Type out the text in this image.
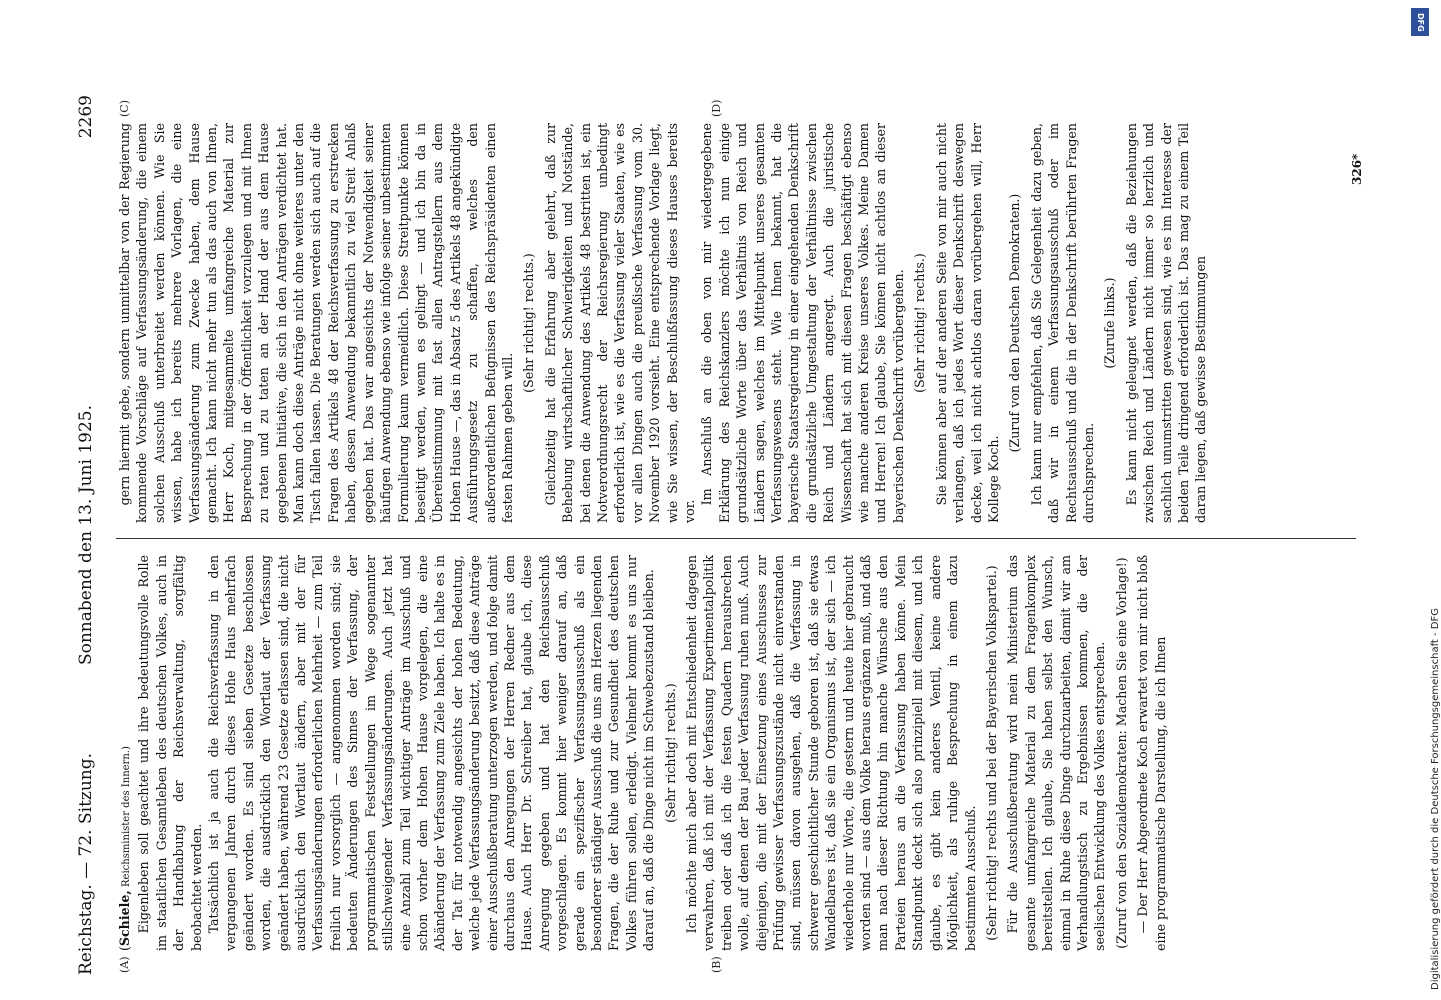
Reichstag. — 72. Sitzung.
Sonnabend den 13. Juni 1925.
2269
(A)	(B)
(C)	(D)

(Schiele, Reichsminister des Innern.) Eigenleben soll geachtet und ihre bedeutungsvolle Rolle im staatlichen Gesamtleben des deutschen Volkes, auch in der Handhabung der Reichsverwaltung, sorgfältig beobachtet werden. Tatsächlich ist ja auch die Reichsverfassung in den vergangenen Jahren durch dieses Hohe Haus mehrfach geändert worden. Es sind sieben Gesetze beschlossen worden, die ausdrücklich den Wortlaut der Verfassung geändert haben, während 23 Gesetze erlassen sind, die nicht ausdrücklich den Wortlaut ändern, aber mit der für Verfassungsänderungen erforderlichen Mehrheit — zum Teil freilich nur vorsorglich — angenommen worden sind; sie bedeuten Änderungen des Sinnes der Verfassung, der programmatischen Feststellungen im Wege sogenannter stillschweigender Verfassungsänderungen. Auch jetzt hat eine Anzahl zum Teil wichtiger Anträge im Ausschuß und schon vorher dem Hohen Hause vorgelegen, die eine Abänderung der Verfassung zum Ziele haben. Ich halte es in der Tat für notwendig angesichts der hohen Bedeutung, welche jede Verfassungsänderung besitzt, daß diese Anträge einer Ausschußberatung unterzogen werden, und folge damit durchaus den Anregungen der Herren Redner aus dem Hause. Auch Herr Dr. Schreiber hat, glaube ich, diese Anregung gegeben und hat den Reichsausschuß vorgeschlagen. Es kommt hier weniger darauf an, daß gerade ein spezifischer Verfassungsausschuß als ein besonderer ständiger Ausschuß die uns am Herzen liegenden Fragen, die der Ruhe und zur Gesundheit des deutschen Volkes führen sollen, erledigt. Vielmehr kommt es uns nur darauf an, daß die Dinge nicht im Schwebezustand bleiben. (Sehr richtig! rechts.) Ich möchte mich aber doch mit Entschiedenheit dagegen verwahren, daß ich mit der Verfassung Experimentalpolitik treiben oder daß ich die festen Quadern herausbrechen wolle, auf denen der Bau jeder Verfassung ruhen muß. Auch diejenigen, die mit der Einsetzung eines Ausschusses zur Prüfung gewisser Verfassungszustände nicht einverstanden sind, müssen davon ausgehen, daß die Verfassung in schwerer geschichtlicher Stunde geboren ist, daß sie etwas Wandelbares ist, daß sie ein Organismus ist, der sich — ich wiederhole nur Worte, die gestern und heute hier gebraucht worden sind — aus dem Volke heraus ergänzen muß, und daß man nach dieser Richtung hin manche Wünsche aus den Parteien heraus an die Verfassung haben könne. Mein Standpunkt deckt sich also prinzipiell mit diesem, und ich glaube, es gibt kein anderes Ventil, keine andere Möglichkeit, als ruhige Besprechung in einem dazu bestimmten Ausschuß. (Sehr richtig! rechts und bei der Bayerischen Volkspartei.) Für die Ausschußberatung wird mein Ministerium das gesamte umfangreiche Material zu dem Fragenkomplex bereitstellen. Ich glaube, Sie haben selbst den Wunsch, einmal in Ruhe diese Dinge durchzuarbeiten, damit wir am Verhandlungstisch zu Ergebnissen kommen, die der seelischen Entwicklung des Volkes entsprechen. (Zuruf von den Sozialdemokraten: Machen Sie eine Vorlage!) — Der Herr Abgeordnete Koch erwartet von mir nicht bloß eine programmatische Darstellung, die ich Ihnen

gern hiermit gebe, sondern unmittelbar von der Regierung kommende Vorschläge auf Verfassungsänderung, die einem solchen Ausschuß unterbreitet werden können. Wie Sie wissen, habe ich bereits mehrere Vorlagen, die eine Verfassungsänderung zum Zwecke haben, dem Hause gemacht. Ich kann nicht mehr tun als das auch von Ihnen, Herr Koch, mitgesammelte umfangreiche Material zur Besprechung in der Öffentlichkeit vorzulegen und mit Ihnen zu raten und zu taten an der Hand der aus dem Hause gegebenen Initiative, die sich in den Anträgen verdichtet hat. Man kann doch diese Anträge nicht ohne weiteres unter den Tisch fallen lassen. Die Beratungen werden sich auch auf die Fragen des Artikels 48 der Reichsverfassung zu erstrecken haben, dessen Anwendung bekanntlich zu viel Streit Anlaß gegeben hat. Das war angesichts der Notwendigkeit seiner häufigen Anwendung ebenso wie infolge seiner unbestimmten Formulierung kaum vermeidlich. Diese Streitpunkte können beseitigt werden, wenn es gelingt — und ich bin da in Übereinstimmung mit fast allen Antragstellern aus dem Hohen Hause —, das in Absatz 5 des Artikels 48 angekündigte Ausführungsgesetz zu schaffen, welches den außerordentlichen Befugnissen des Reichspräsidenten einen festen Rahmen geben will.

(Sehr richtig! rechts.) Gleichzeitig hat die Erfahrung aber gelehrt, daß zur Behebung wirtschaftlicher Schwierigkeiten und Notstände, bei denen die Anwendung des Artikels 48 bestritten ist, ein Notverordnungsrecht der Reichsregierung unbedingt erforderlich ist, wie es die Verfassung vieler Staaten, wie es vor allen Dingen auch die preußische Verfassung vom 30. November 1920 vorsieht. Eine entsprechende Vorlage liegt, wie Sie wissen, der Beschlußfassung dieses Hauses bereits vor.

Im Anschluß an die oben von mir wiedergegebene Erklärung des Reichskanzlers möchte ich nun einige grundsätzliche Worte über das Verhältnis von Reich und Ländern sagen, welches im Mittelpunkt unseres gesamten Verfassungswesens steht. Wie Ihnen bekannt, hat die bayerische Staatsregierung in einer eingehenden Denkschrift die grundsätzliche Umgestaltung der Verhältnisse zwischen Reich und Ländern angeregt. Auch die juristische Wissenschaft hat sich mit diesen Fragen beschäftigt ebenso wie manche anderen Kreise unseres Volkes. Meine Damen und Herren! Ich glaube, Sie können nicht achtlos an dieser bayerischen Denkschrift vorübergehen. (Sehr richtig! rechts.) Sie können aber auf der anderen Seite von mir auch nicht verlangen, daß ich jedes Wort dieser Denkschrift deswegen decke, weil ich nicht achtlos daran vorübergehen will, Herr Kollege Koch.

(Zuruf von den Deutschen Demokraten.) Ich kann nur empfehlen, daß Sie Gelegenheit dazu geben, daß wir in einem Verfassungsausschuß oder im Rechtsausschuß und die in der Denkschrift berührten Fragen durchsprechen.

(Zurufe links.) Es kann nicht geleugnet werden, daß die Beziehungen zwischen Reich und Ländern nicht immer so herzlich und sachlich unumstritten gewesen sind, wie es im Interesse der beiden Teile dringend erforderlich ist. Das mag zu einem Teil daran liegen, daß gewisse Bestimmungen

326*
DFG
Digitalisierung gefördert durch die Deutsche Forschungsgemeinschaft - DFG
